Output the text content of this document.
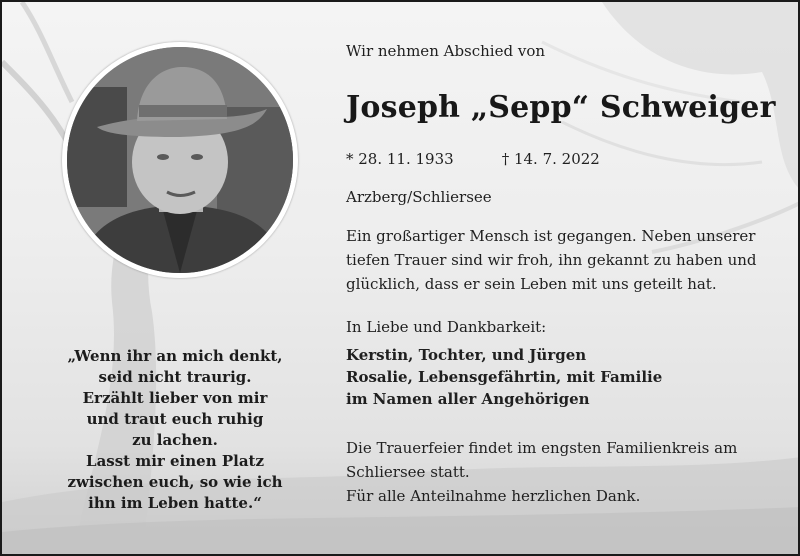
„Wenn ihr an mich denkt,
seid nicht traurig.
Erzählt lieber von mir
und traut euch ruhig
zu lachen.
Lasst mir einen Platz
zwischen euch, so wie ich
ihn im Leben hatte.“
Wir nehmen Abschied von
Joseph „Sepp“ Schweiger
* 28. 11. 1933	† 14. 7. 2022
Arzberg/Schliersee
Ein großartiger Mensch ist gegangen. Neben unserer
tiefen Trauer sind wir froh, ihn gekannt zu haben und
glücklich, dass er sein Leben mit uns geteilt hat.
In Liebe und Dankbarkeit:
Kerstin, Tochter, und Jürgen
Rosalie, Lebensgefährtin, mit Familie
im Namen aller Angehörigen
Die Trauerfeier findet im engsten Familienkreis am
Schliersee statt.
Für alle Anteilnahme herzlichen Dank.
